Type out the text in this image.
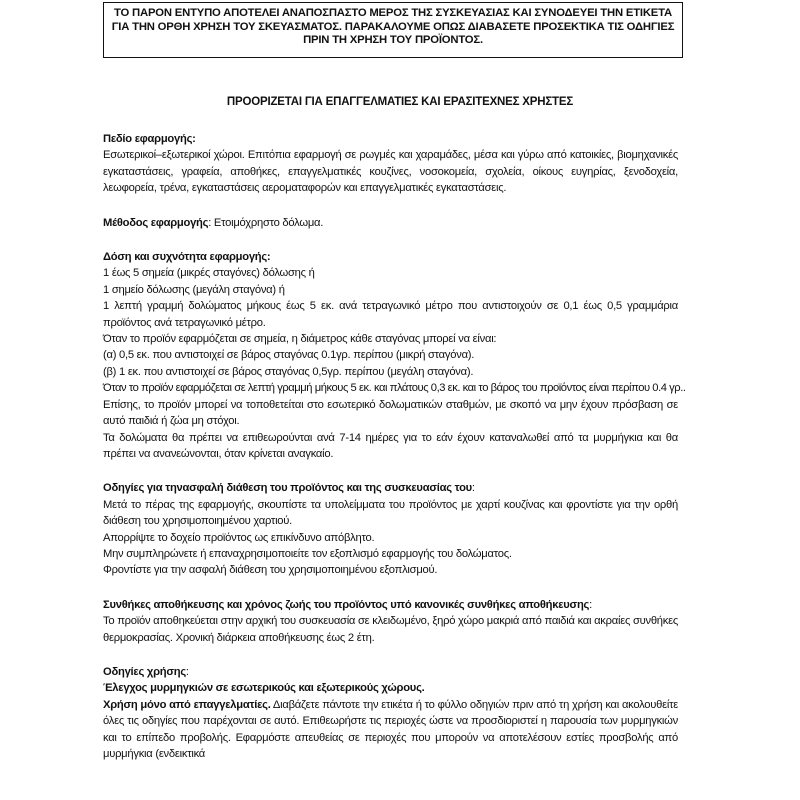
ΤΟ ΠΑΡΟΝ ΕΝΤΥΠΟ ΑΠΟΤΕΛΕΙ ΑΝΑΠΟΣΠΑΣΤΟ ΜΕΡΟΣ ΤΗΣ ΣΥΣΚΕΥΑΣΙΑΣ ΚΑΙ ΣΥΝΟΔΕΥΕΙ ΤΗΝ ΕΤΙΚΕΤΑ
ΓΙΑ ΤΗΝ ΟΡΘΗ ΧΡΗΣΗ ΤΟΥ ΣΚΕΥΑΣΜΑΤΟΣ. ΠΑΡΑΚΑΛΟΥΜΕ ΟΠΩΣ ΔΙΑΒΑΣΕΤΕ ΠΡΟΣΕΚΤΙΚΑ ΤΙΣ ΟΔΗΓΙΕΣ
ΠΡΙΝ ΤΗ ΧΡΗΣΗ ΤΟΥ ΠΡΟΪΟΝΤΟΣ.
ΠΡΟΟΡΙΖΕΤΑΙ ΓΙΑ ΕΠΑΓΓΕΛΜΑΤΙΕΣ ΚΑΙ ΕΡΑΣΙΤΕΧΝΕΣ ΧΡΗΣΤΕΣ

Πεδίο εφαρμογής:

Εσωτερικοί–εξωτερικοί χώροι. Επιτόπια εφαρμογή σε ρωγμές και χαραμάδες, μέσα και γύρω από κατοικίες, βιομηχανικές εγκαταστάσεις, γραφεία, αποθήκες, επαγγελματικές κουζίνες, νοσοκομεία, σχολεία, οίκους ευγηρίας, ξενοδοχεία, λεωφορεία, τρένα, εγκαταστάσεις αεροματαφορών και επαγγελματικές εγκαταστάσεις.

Μέθοδος εφαρμογής: Ετοιμόχρηστο δόλωμα.

Δόση και συχνότητα εφαρμογής:

1 έως 5 σημεία (μικρές σταγόνες) δόλωσης ή

1 σημείο δόλωσης (μεγάλη σταγόνα) ή

1 λεπτή γραμμή δολώματος μήκους έως 5 εκ. ανά τετραγωνικό μέτρο που αντιστοιχούν σε 0,1 έως 0,5 γραμμάρια προϊόντος ανά τετραγωνικό μέτρο.

Όταν το προϊόν εφαρμόζεται σε σημεία, η διάμετρος κάθε σταγόνας μπορεί να είναι:

(α) 0,5 εκ. που αντιστοιχεί σε βάρος σταγόνας 0.1γρ. περίπου (μικρή σταγόνα).

(β) 1 εκ. που αντιστοιχεί σε βάρος σταγόνας 0,5γρ. περίπου (μεγάλη σταγόνα).

Όταν το προϊόν εφαρμόζεται σε λεπτή γραμμή μήκους 5 εκ. και πλάτους 0,3 εκ. και το βάρος του προϊόντος είναι περίπου 0.4 γρ..

Επίσης, το προϊόν μπορεί να τοποθετείται στο εσωτερικό δολωματικών σταθμών, με σκοπό να μην έχουν πρόσβαση σε αυτό παιδιά ή ζώα μη στόχοι.

Τα δολώματα θα πρέπει να επιθεωρούνται ανά 7-14 ημέρες για το εάν έχουν καταναλωθεί από τα μυρμήγκια και θα πρέπει να ανανεώνονται, όταν κρίνεται αναγκαίο.

Οδηγίες για τηνασφαλή διάθεση του προϊόντος και της συσκευασίας του:

Μετά το πέρας της εφαρμογής, σκουπίστε τα υπολείμματα του προϊόντος με χαρτί κουζίνας και φροντίστε για την ορθή διάθεση του χρησιμοποιημένου χαρτιού.

Απορρίψτε το δοχείο προϊόντος ως επικίνδυνο απόβλητο.

Μην συμπληρώνετε ή επαναχρησιμοποιείτε τον εξοπλισμό εφαρμογής του δολώματος.

Φροντίστε για την ασφαλή διάθεση του χρησιμοποιημένου εξοπλισμού.

Συνθήκες αποθήκευσης και χρόνος ζωής του προϊόντος υπό κανονικές συνθήκες αποθήκευσης:

Το προϊόν αποθηκεύεται στην αρχική του συσκευασία σε κλειδωμένο, ξηρό χώρο μακριά από παιδιά και ακραίες συνθήκες θερμοκρασίας. Χρονική διάρκεια αποθήκευσης έως 2 έτη.

Οδηγίες χρήσης:

Έλεγχος μυρμηγκιών σε εσωτερικούς και εξωτερικούς χώρους.

Χρήση μόνο από επαγγελματίες. Διαβάζετε πάντοτε την ετικέτα ή το φύλλο οδηγιών πριν από τη χρήση και ακολουθείτε όλες τις οδηγίες που παρέχονται σε αυτό. Επιθεωρήστε τις περιοχές ώστε να προσδιοριστεί η παρουσία των μυρμηγκιών και το επίπεδο προβολής. Εφαρμόστε απευθείας σε περιοχές που μπορούν να αποτελέσουν εστίες προσβολής από μυρμήγκια (ενδεικτικά
